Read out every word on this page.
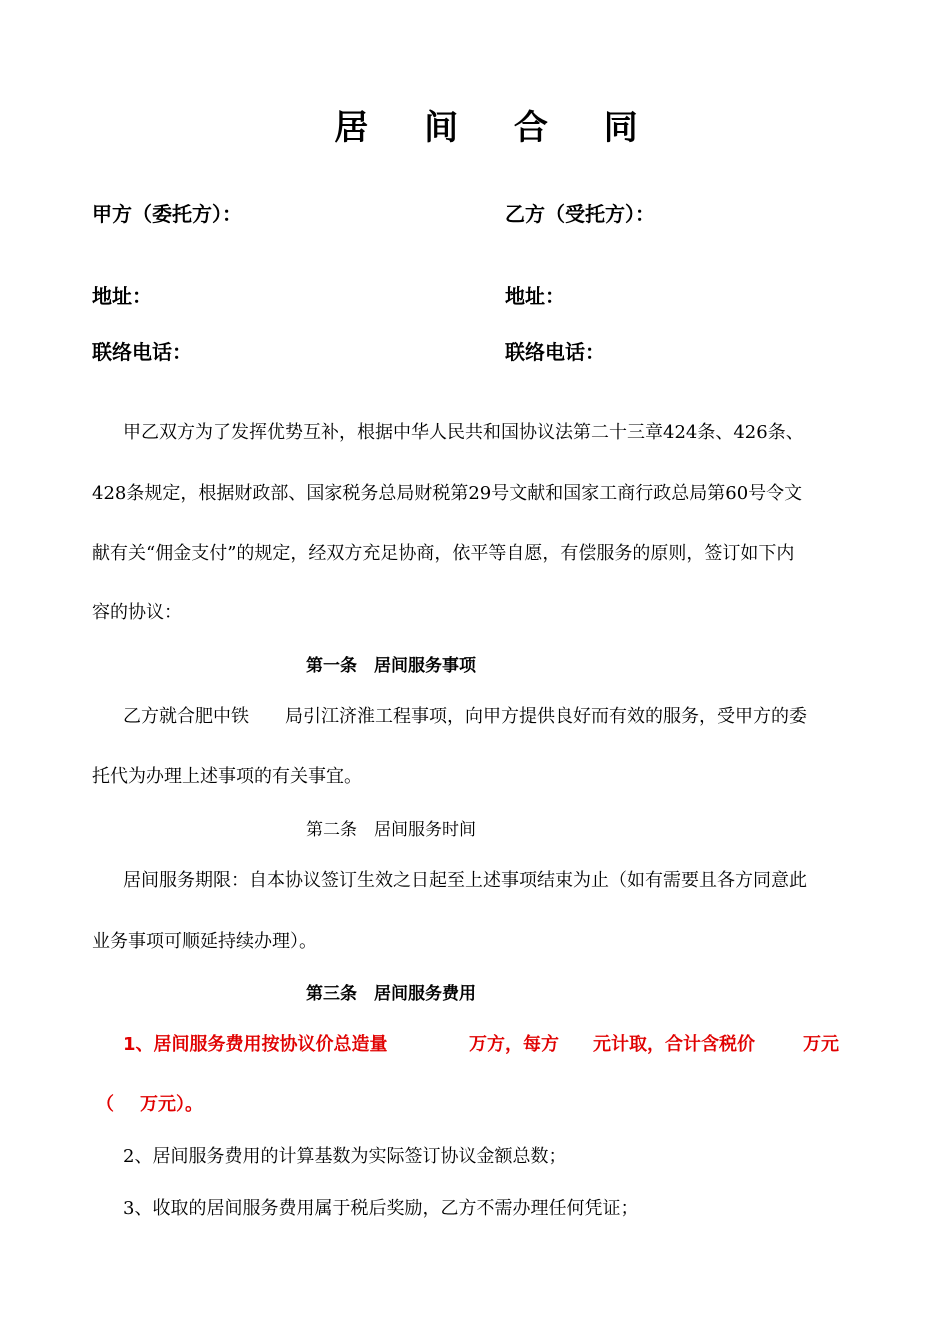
居 间 合 同
甲方（委托方）：	乙方（受托方）：
地址：	地址：
联络电话：	联络电话：
甲乙双方为了发挥优势互补，根据中华人民共和国协议法第二十三章424条、426条、
428条规定，根据财政部、国家税务总局财税第29号文献和国家工商行政总局第60号令文
献有关“佣金支付”的规定，经双方充足协商，依平等自愿，有偿服务的原则，签订如下内
容的协议：
第一条　居间服务事项
乙方就合肥中铁　　局引江济淮工程事项，向甲方提供良好而有效的服务，受甲方的委
托代为办理上述事项的有关事宜。
第二条　居间服务时间
居间服务期限：自本协议签订生效之日起至上述事项结束为止（如有需要且各方同意此
业务事项可顺延持续办理）。
第三条　居间服务费用
1、居间服务费用按协议价总造量	万方，每方 元计取，合计含税价	万元
（ 万元）。
2、居间服务费用的计算基数为实际签订协议金额总数；
3、收取的居间服务费用属于税后奖励，乙方不需办理任何凭证；
